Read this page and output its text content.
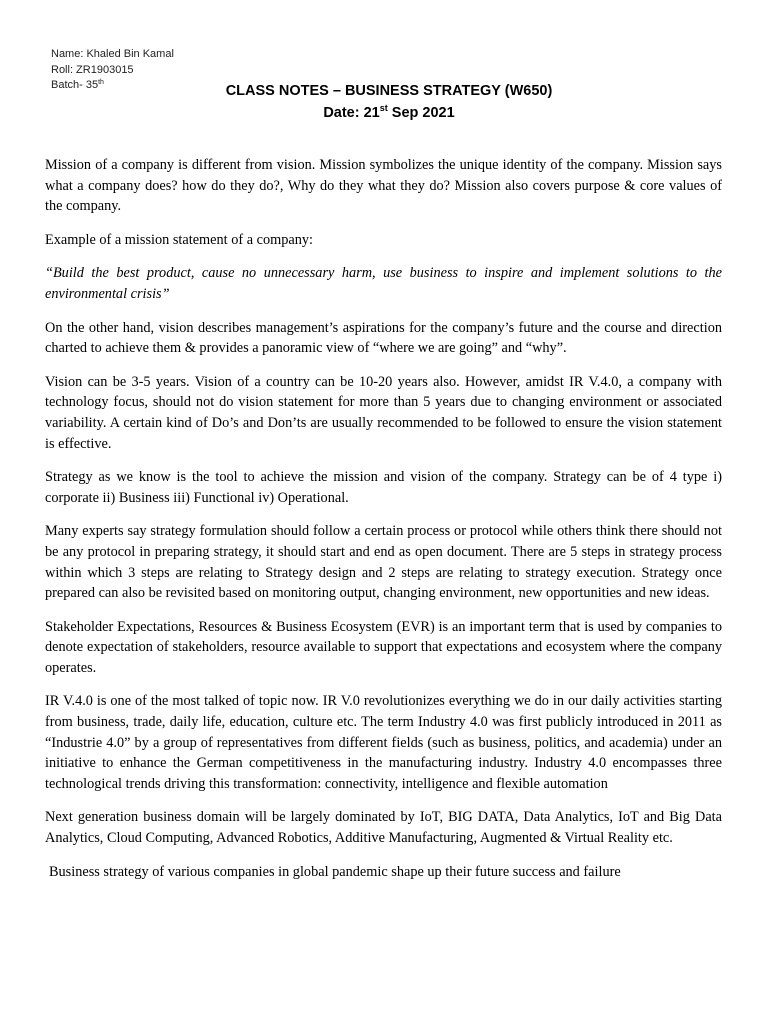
Name: Khaled Bin Kamal
Roll: ZR1903015
Batch- 35th
CLASS NOTES – BUSINESS STRATEGY (W650)
Date: 21st Sep 2021

Mission of a company is different from vision. Mission symbolizes the unique identity of the company. Mission says what a company does? how do they do?, Why do they what they do? Mission also covers purpose & core values of the company.

Example of a mission statement of a company:

“Build the best product, cause no unnecessary harm, use business to inspire and implement solutions to the environmental crisis”

On the other hand, vision describes management’s aspirations for the company’s future and the course and direction charted to achieve them & provides a panoramic view of “where we are going” and “why”.

Vision can be 3-5 years. Vision of a country can be 10-20 years also. However, amidst IR V.4.0, a company with technology focus, should not do vision statement for more than 5 years due to changing environment or associated variability. A certain kind of Do’s and Don’ts are usually recommended to be followed to ensure the vision statement is effective.

Strategy as we know is the tool to achieve the mission and vision of the company. Strategy can be of 4 type i) corporate ii) Business iii) Functional iv) Operational.

Many experts say strategy formulation should follow a certain process or protocol while others think there should not be any protocol in preparing strategy, it should start and end as open document. There are 5 steps in strategy process within which 3 steps are relating to Strategy design and 2 steps are relating to strategy execution. Strategy once prepared can also be revisited based on monitoring output, changing environment, new opportunities and new ideas.

Stakeholder Expectations, Resources & Business Ecosystem (EVR) is an important term that is used by companies to denote expectation of stakeholders, resource available to support that expectations and ecosystem where the company operates.

IR V.4.0 is one of the most talked of topic now. IR V.0 revolutionizes everything we do in our daily activities starting from business, trade, daily life, education, culture etc. The term Industry 4.0 was first publicly introduced in 2011 as “Industrie 4.0” by a group of representatives from different fields (such as business, politics, and academia) under an initiative to enhance the German competitiveness in the manufacturing industry. Industry 4.0 encompasses three technological trends driving this transformation: connectivity, intelligence and flexible automation

Next generation business domain will be largely dominated by IoT, BIG DATA, Data Analytics, IoT and Big Data Analytics, Cloud Computing, Advanced Robotics, Additive Manufacturing, Augmented & Virtual Reality etc.

Business strategy of various companies in global pandemic shape up their future success and failure
